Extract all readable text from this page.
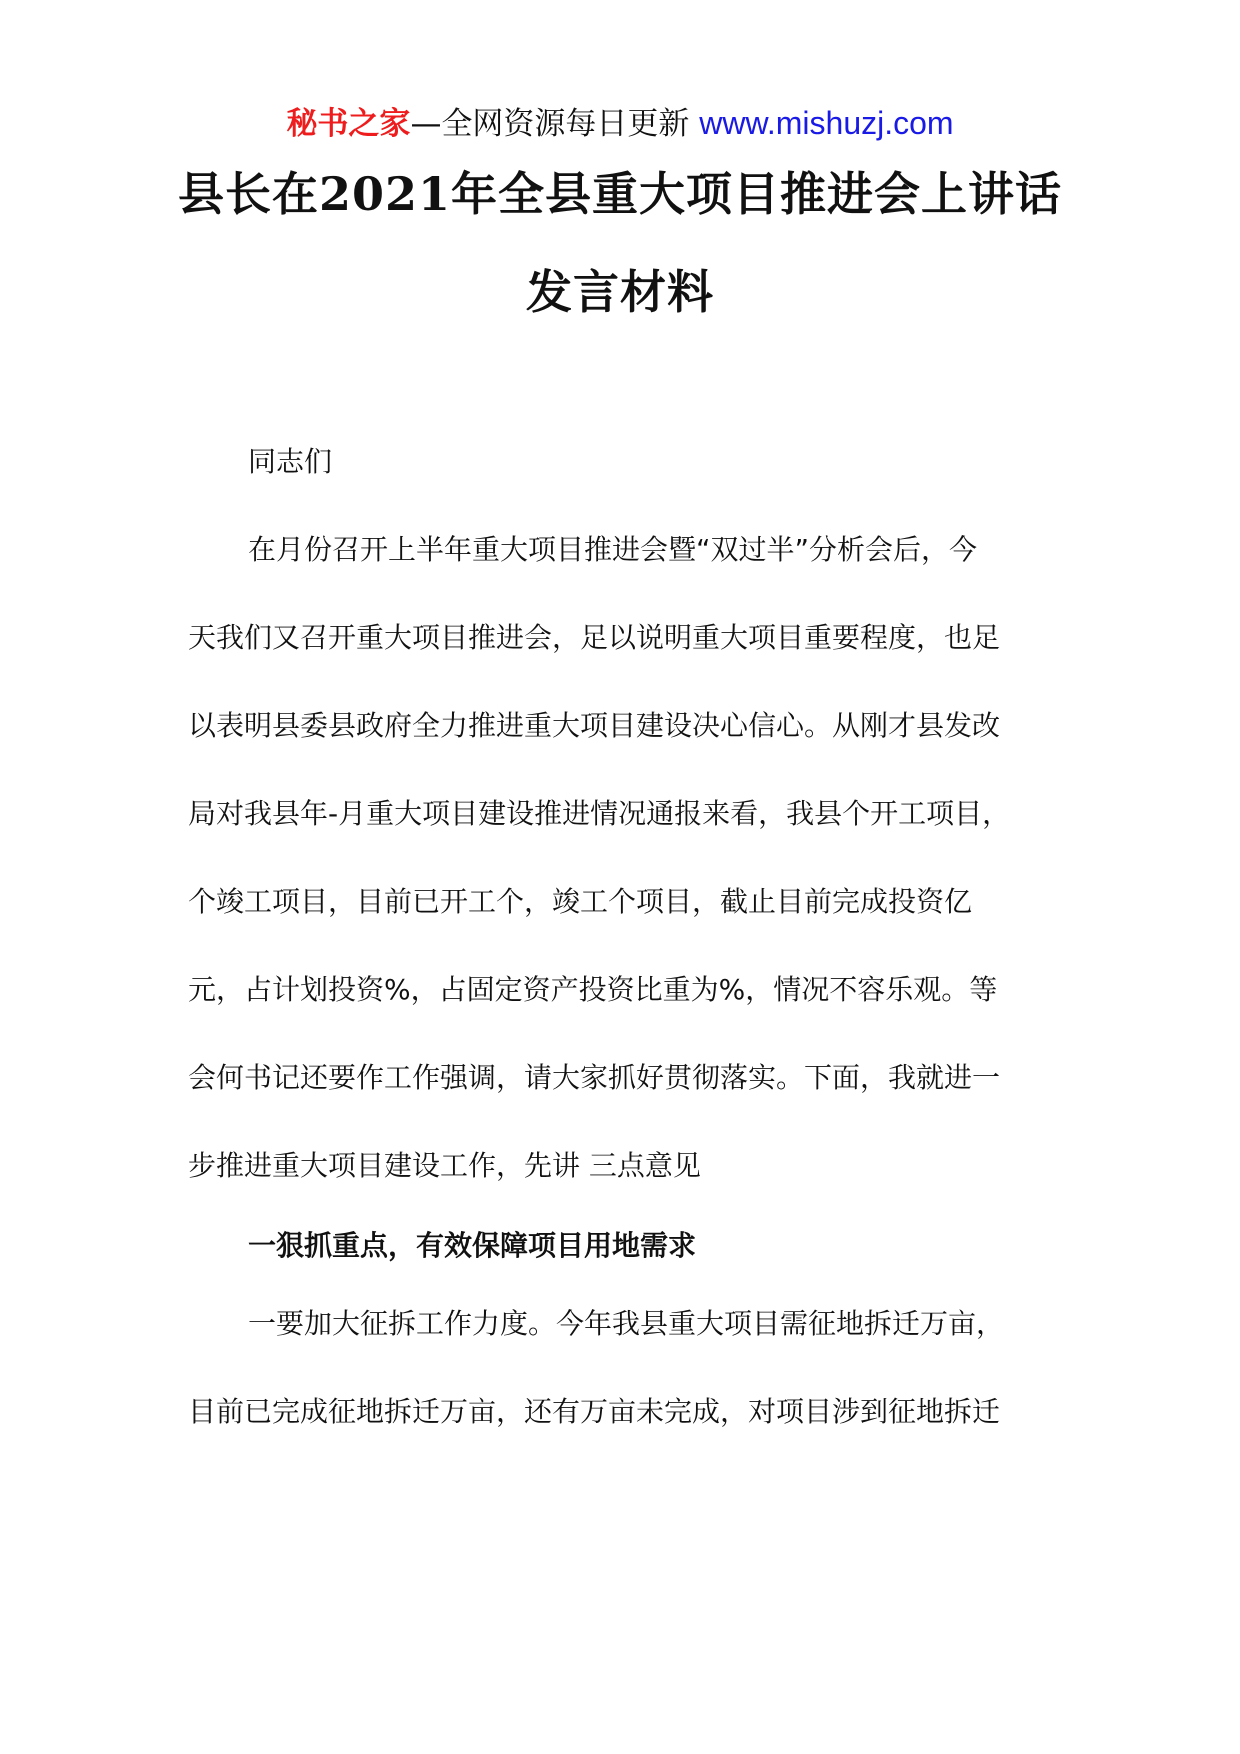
秘书之家—全网资源每日更新 www.mishuzj.com
县长在2021年全县重大项目推进会上讲话
发言材料
同志们
在月份召开上半年重大项目推进会暨“双过半”分析会后，今
天我们又召开重大项目推进会，足以说明重大项目重要程度，也足
以表明县委县政府全力推进重大项目建设决心信心。从刚才县发改
局对我县年-月重大项目建设推进情况通报来看，我县个开工项目，
个竣工项目，目前已开工个，竣工个项目，截止目前完成投资亿
元，占计划投资%，占固定资产投资比重为%，情况不容乐观。等
会何书记还要作工作强调，请大家抓好贯彻落实。下面，我就进一
步推进重大项目建设工作，先讲 三点意见
一狠抓重点，有效保障项目用地需求
一要加大征拆工作力度。今年我县重大项目需征地拆迁万亩，
目前已完成征地拆迁万亩，还有万亩未完成，对项目涉到征地拆迁
